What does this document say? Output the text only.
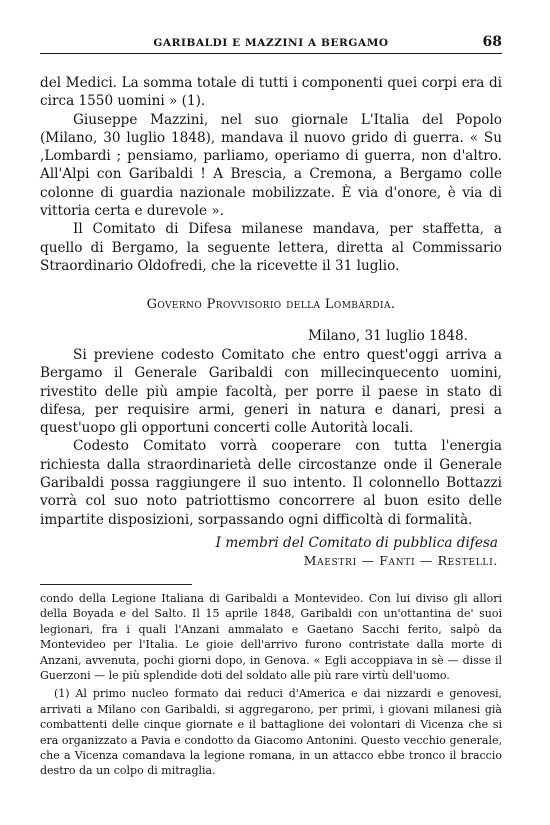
GARIBALDI E MAZZINI A BERGAMO	68

del Medici. La somma totale di tutti i componenti quei corpi era di circa 1550 uomini » (1).

Giuseppe Mazzini, nel suo giornale L'Italia del Popolo (Milano, 30 luglio 1848), mandava il nuovo grido di guerra. « Su ,Lombardi ; pensiamo, parliamo, operiamo di guerra, non d'altro. All'Alpi con Garibaldi ! A Brescia, a Cremona, a Bergamo colle colonne di guardia nazionale mobilizzate. È via d'onore, è via di vittoria certa e durevole ».

Il Comitato di Difesa milanese mandava, per staffetta, a quello di Bergamo, la seguente lettera, diretta al Commissario Straordinario Oldofredi, che la ricevette il 31 luglio.

Governo Provvisorio della Lombardia.
Milano, 31 luglio 1848.

Si previene codesto Comitato che entro quest'oggi arriva a Bergamo il Generale Garibaldi con millecinquecento uomini, rivestito delle più ampie facoltà, per porre il paese in stato di difesa, per requisire armi, generi in natura e danari, presi a quest'uopo gli opportuni concerti colle Autorità locali.

Codesto Comitato vorrà cooperare con tutta l'energia richiesta dalla straordinarietà delle circostanze onde il Generale Garibaldi possa raggiungere il suo intento. Il colonnello Bottazzi vorrà col suo noto patriottismo concorrere al buon esito delle impartite disposizioni, sorpassando ogni difficoltà di formalità.

I membri del Comitato di pubblica difesa
Maestri — Fanti — Restelli.

condo della Legione Italiana di Garibaldi a Montevideo. Con lui diviso gli allori della Boyada e del Salto. Il 15 aprile 1848, Garibaldi con un'ottantina de' suoi legionari, fra i quali l'Anzani ammalato e Gaetano Sacchi ferito, salpò da Montevideo per l'Italia. Le gioie dell'arrivo furono contristate dalla morte di Anzani, avvenuta, pochi giorni dopo, in Genova. « Egli accoppiava in sè — disse il Guerzoni — le più splendide doti del soldato alle più rare virtù dell'uomo.

(1) Al primo nucleo formato dai reduci d'America e dai nizzardi e genovesi, arrivati a Milano con Garibaldi, si aggregarono, per primi, i giovani milanesi già combattenti delle cinque giornate e il battaglione dei volontari di Vicenza che si era organizzato a Pavia e condotto da Giacomo Antonini. Questo vecchio generale, che a Vicenza comandava la legione romana, in un attacco ebbe tronco il braccio destro da un colpo di mitraglia.
